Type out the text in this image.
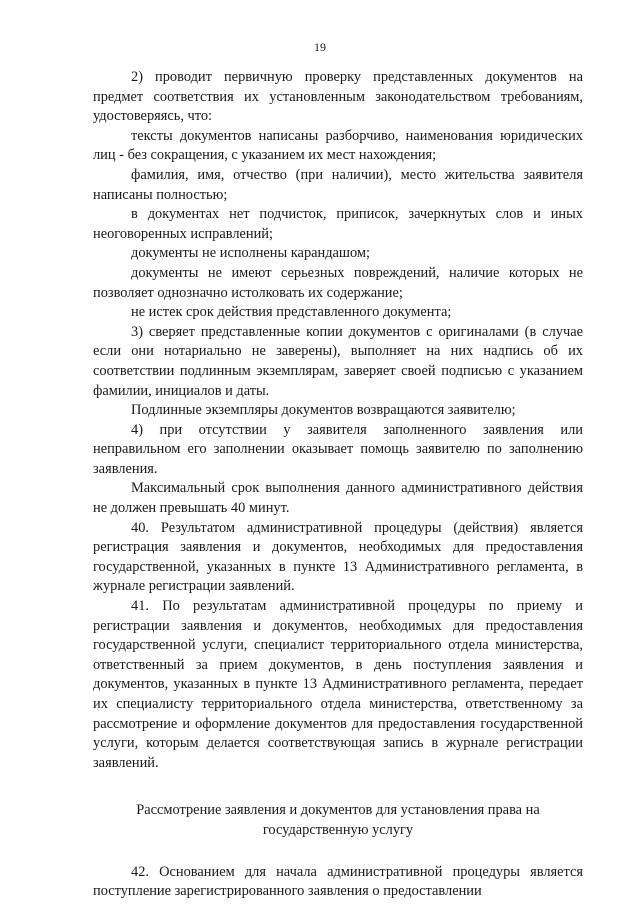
19

2) проводит первичную проверку представленных документов на предмет соответствия их установленным законодательством требованиям, удостоверяясь, что:

тексты документов написаны разборчиво, наименования юридических лиц - без сокращения, с указанием их мест нахождения;

фамилия, имя, отчество (при наличии), место жительства заявителя написаны полностью;

в документах нет подчисток, приписок, зачеркнутых слов и иных неоговоренных исправлений;

документы не исполнены карандашом;

документы не имеют серьезных повреждений, наличие которых не позволяет однозначно истолковать их содержание;

не истек срок действия представленного документа;

3) сверяет представленные копии документов с оригиналами (в случае если они нотариально не заверены), выполняет на них надпись об их соответствии подлинным экземплярам, заверяет своей подписью с указанием фамилии, инициалов и даты.

Подлинные экземпляры документов возвращаются заявителю;

4) при отсутствии у заявителя заполненного заявления или неправильном его заполнении оказывает помощь заявителю по заполнению заявления.

Максимальный срок выполнения данного административного действия не должен превышать 40 минут.

40. Результатом административной процедуры (действия) является регистрация заявления и документов, необходимых для предоставления государственной, указанных в пункте 13 Административного регламента, в журнале регистрации заявлений.

41. По результатам административной процедуры по приему и регистрации заявления и документов, необходимых для предоставления государственной услуги, специалист территориального отдела министерства, ответственный за прием документов, в день поступления заявления и документов, указанных в пункте 13 Административного регламента, передает их специалисту территориального отдела министерства, ответственному за рассмотрение и оформление документов для предоставления государственной услуги, которым делается соответствующая запись в журнале регистрации заявлений.

Рассмотрение заявления и документов для установления права на
государственную услугу

42. Основанием для начала административной процедуры является поступление зарегистрированного заявления о предоставлении
